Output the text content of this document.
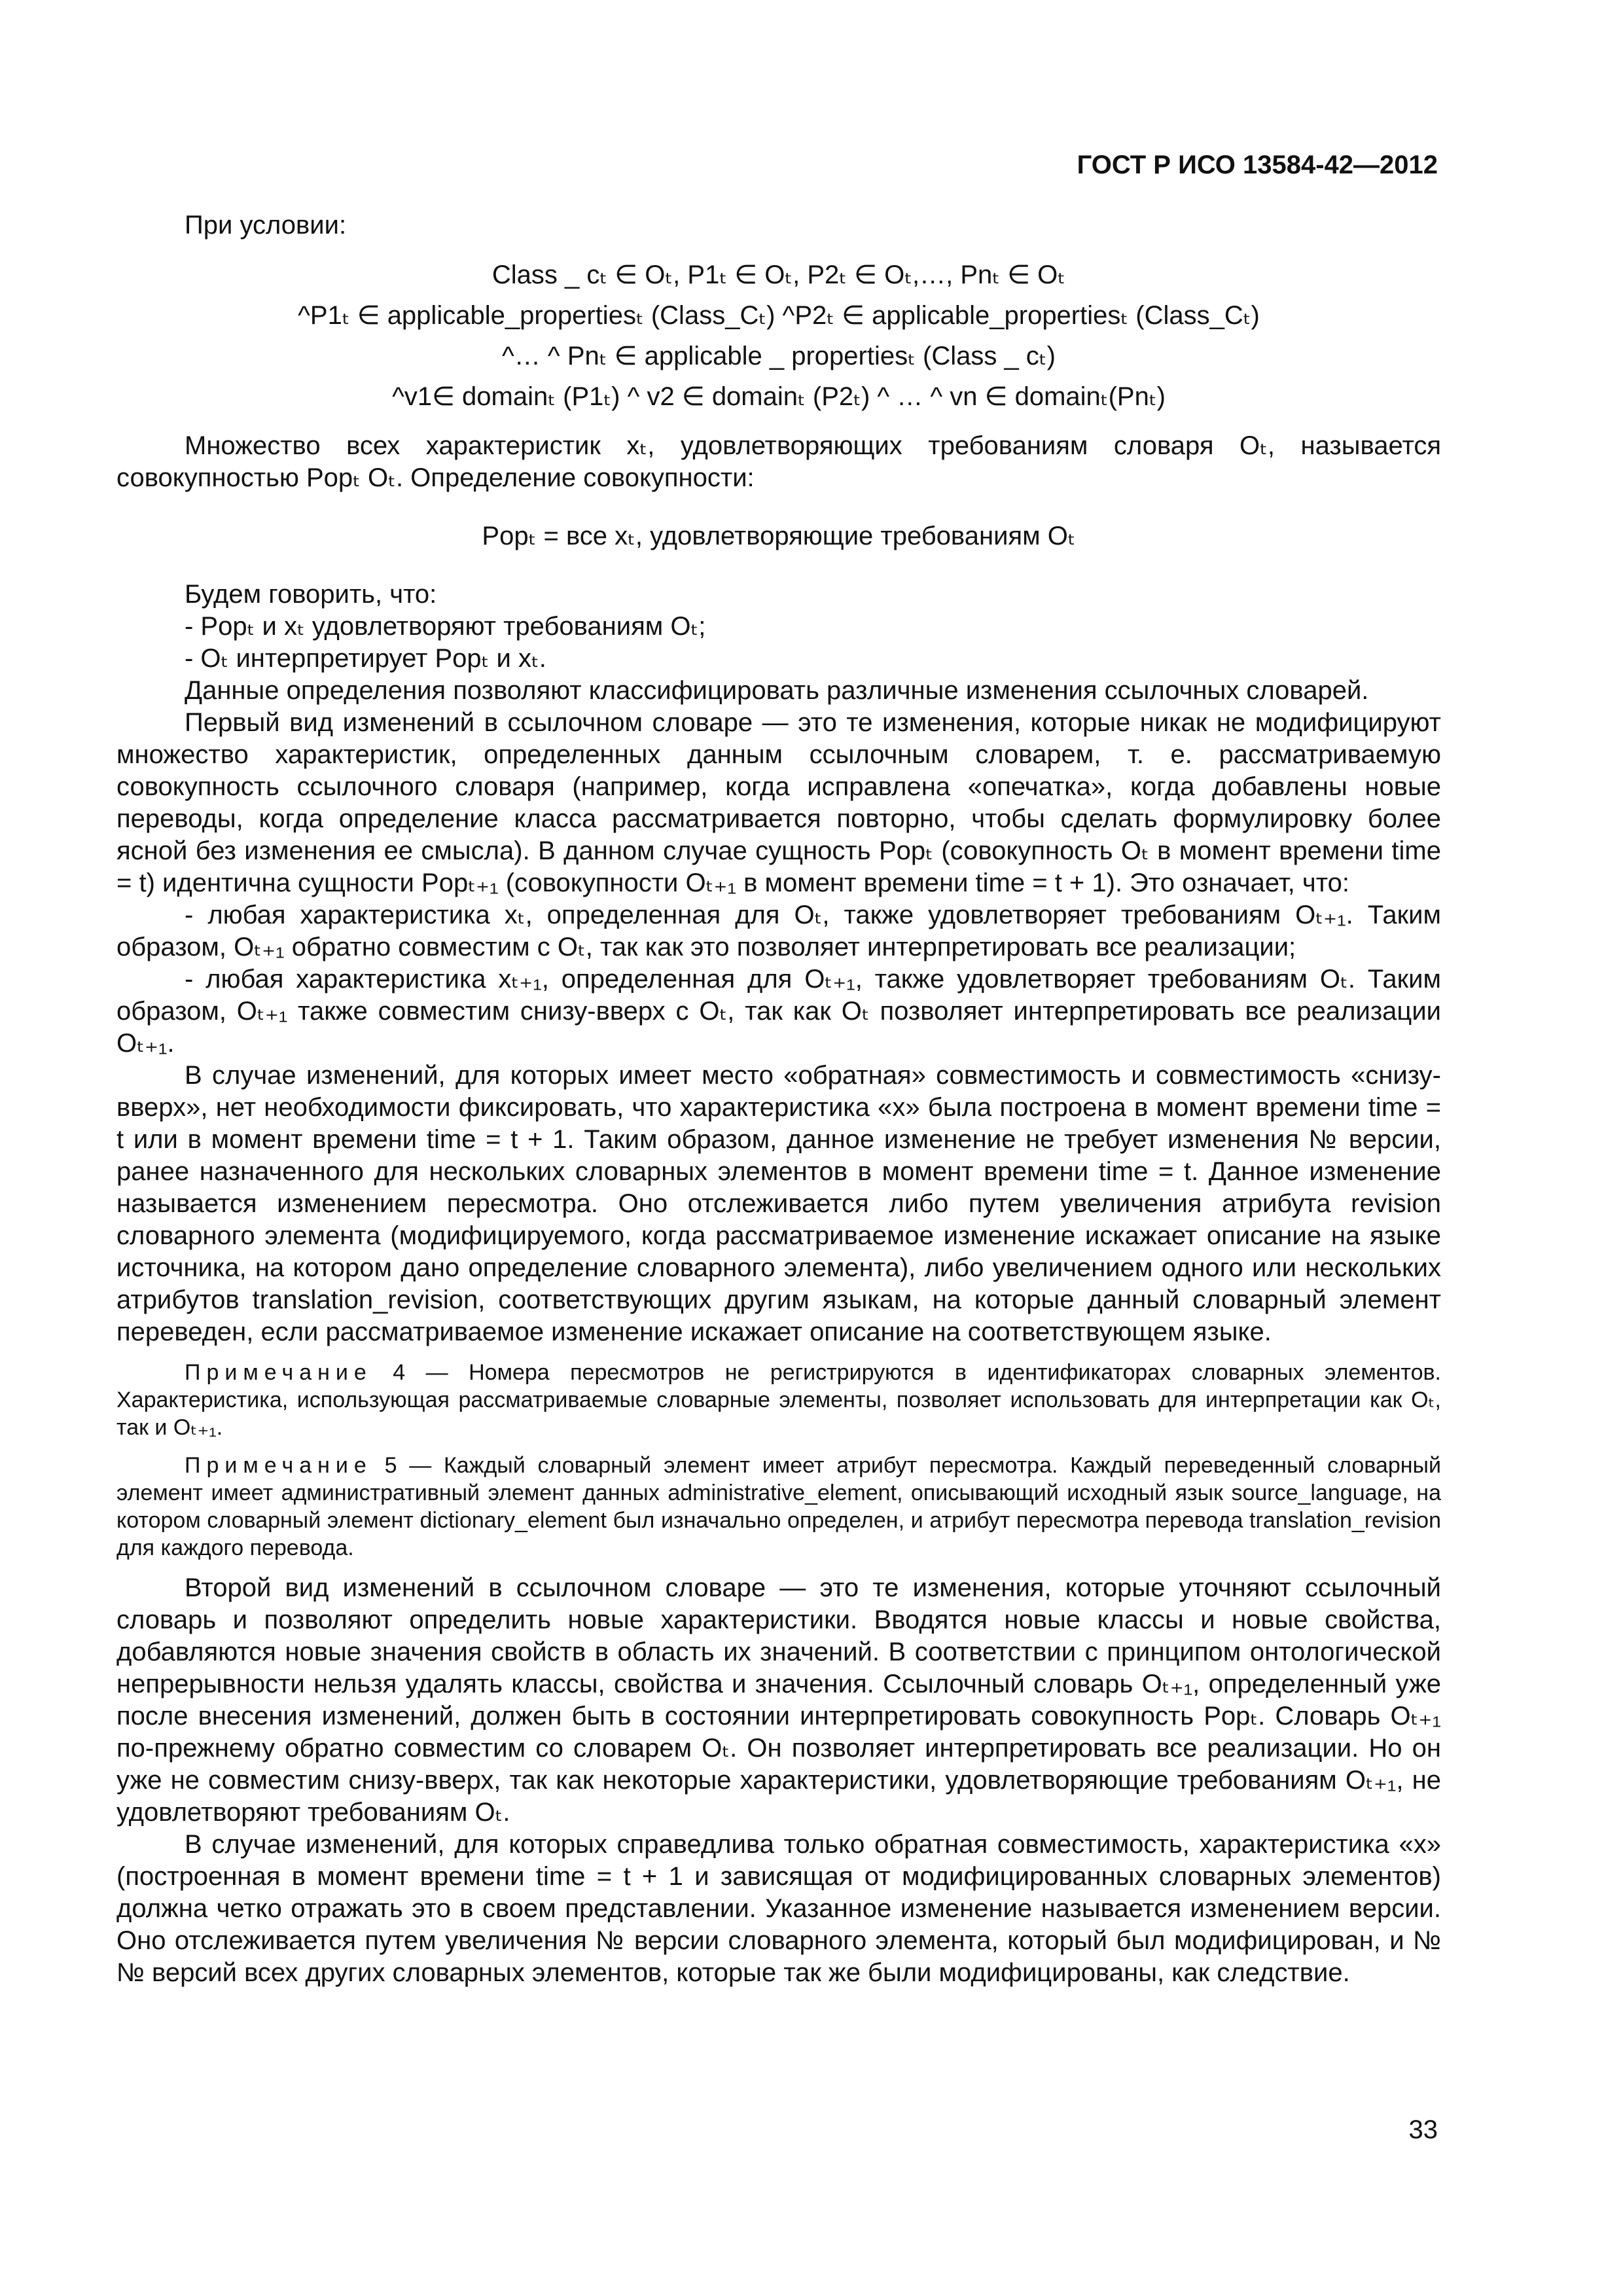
ГОСТ Р ИСО 13584-42—2012

При условии:

Class _ cₜ ∈ Oₜ, P1ₜ ∈ Oₜ, P2ₜ ∈ Oₜ,…, Pnₜ ∈ Oₜ
^P1ₜ ∈ applicable_propertiesₜ (Class_Cₜ) ^P2ₜ ∈ applicable_propertiesₜ (Class_Cₜ)
^… ^ Pnₜ ∈ applicable _ propertiesₜ (Class _ cₜ)
^v1∈ domainₜ (P1ₜ) ^ v2 ∈ domainₜ (P2ₜ) ^ … ^ vn ∈ domainₜ(Pnₜ)

Множество всех характеристик xₜ, удовлетворяющих требованиям словаря Oₜ, называется совокупностью Popₜ Oₜ. Определение совокупности:

Popₜ = все xₜ, удовлетворяющие требованиям Oₜ

Будем говорить, что:

- Popₜ и xₜ удовлетворяют требованиям Oₜ;

- Oₜ интерпретирует Popₜ и xₜ.

Данные определения позволяют классифицировать различные изменения ссылочных словарей.

Первый вид изменений в ссылочном словаре — это те изменения, которые никак не модифицируют множество характеристик, определенных данным ссылочным словарем, т. е. рассматриваемую совокупность ссылочного словаря (например, когда исправлена «опечатка», когда добавлены новые переводы, когда определение класса рассматривается повторно, чтобы сделать формулировку более ясной без изменения ее смысла). В данном случае сущность Popₜ (совокупность Oₜ в момент времени time = t) идентична сущности Popₜ₊₁ (совокупности Oₜ₊₁ в момент времени time = t + 1). Это означает, что:

- любая характеристика xₜ, определенная для Oₜ, также удовлетворяет требованиям Oₜ₊₁. Таким образом, Oₜ₊₁ обратно совместим с Oₜ, так как это позволяет интерпретировать все реализации;

- любая характеристика xₜ₊₁, определенная для Oₜ₊₁, также удовлетворяет требованиям Oₜ. Таким образом, Oₜ₊₁ также совместим снизу-вверх с Oₜ, так как Oₜ позволяет интерпретировать все реализации Oₜ₊₁.

В случае изменений, для которых имеет место «обратная» совместимость и совместимость «снизу-вверх», нет необходимости фиксировать, что характеристика «x» была построена в момент времени time = t или в момент времени time = t + 1. Таким образом, данное изменение не требует изменения № версии, ранее назначенного для нескольких словарных элементов в момент времени time = t. Данное изменение называется изменением пересмотра. Оно отслеживается либо путем увеличения атрибута revision словарного элемента (модифицируемого, когда рассматриваемое изменение искажает описание на языке источника, на котором дано определение словарного элемента), либо увеличением одного или нескольких атрибутов translation_revision, соответствующих другим языкам, на которые данный словарный элемент переведен, если рассматриваемое изменение искажает описание на соответствующем языке.

Примечание 4 — Номера пересмотров не регистрируются в идентификаторах словарных элементов. Характеристика, использующая рассматриваемые словарные элементы, позволяет использовать для интерпретации как Oₜ, так и Oₜ₊₁.

Примечание 5 — Каждый словарный элемент имеет атрибут пересмотра. Каждый переведенный словарный элемент имеет административный элемент данных administrative_element, описывающий исходный язык source_language, на котором словарный элемент dictionary_element был изначально определен, и атрибут пересмотра перевода translation_revision для каждого перевода.

Второй вид изменений в ссылочном словаре — это те изменения, которые уточняют ссылочный словарь и позволяют определить новые характеристики. Вводятся новые классы и новые свойства, добавляются новые значения свойств в область их значений. В соответствии с принципом онтологической непрерывности нельзя удалять классы, свойства и значения. Ссылочный словарь Oₜ₊₁, определенный уже после внесения изменений, должен быть в состоянии интерпретировать совокупность Popₜ. Словарь Oₜ₊₁ по-прежнему обратно совместим со словарем Oₜ. Он позволяет интерпретировать все реализации. Но он уже не совместим снизу-вверх, так как некоторые характеристики, удовлетворяющие требованиям Oₜ₊₁, не удовлетворяют требованиям Oₜ.

В случае изменений, для которых справедлива только обратная совместимость, характеристика «x» (построенная в момент времени time = t + 1 и зависящая от модифицированных словарных элементов) должна четко отражать это в своем представлении. Указанное изменение называется изменением версии. Оно отслеживается путем увеличения № версии словарного элемента, который был модифицирован, и №№ версий всех других словарных элементов, которые так же были модифицированы, как следствие.

33
